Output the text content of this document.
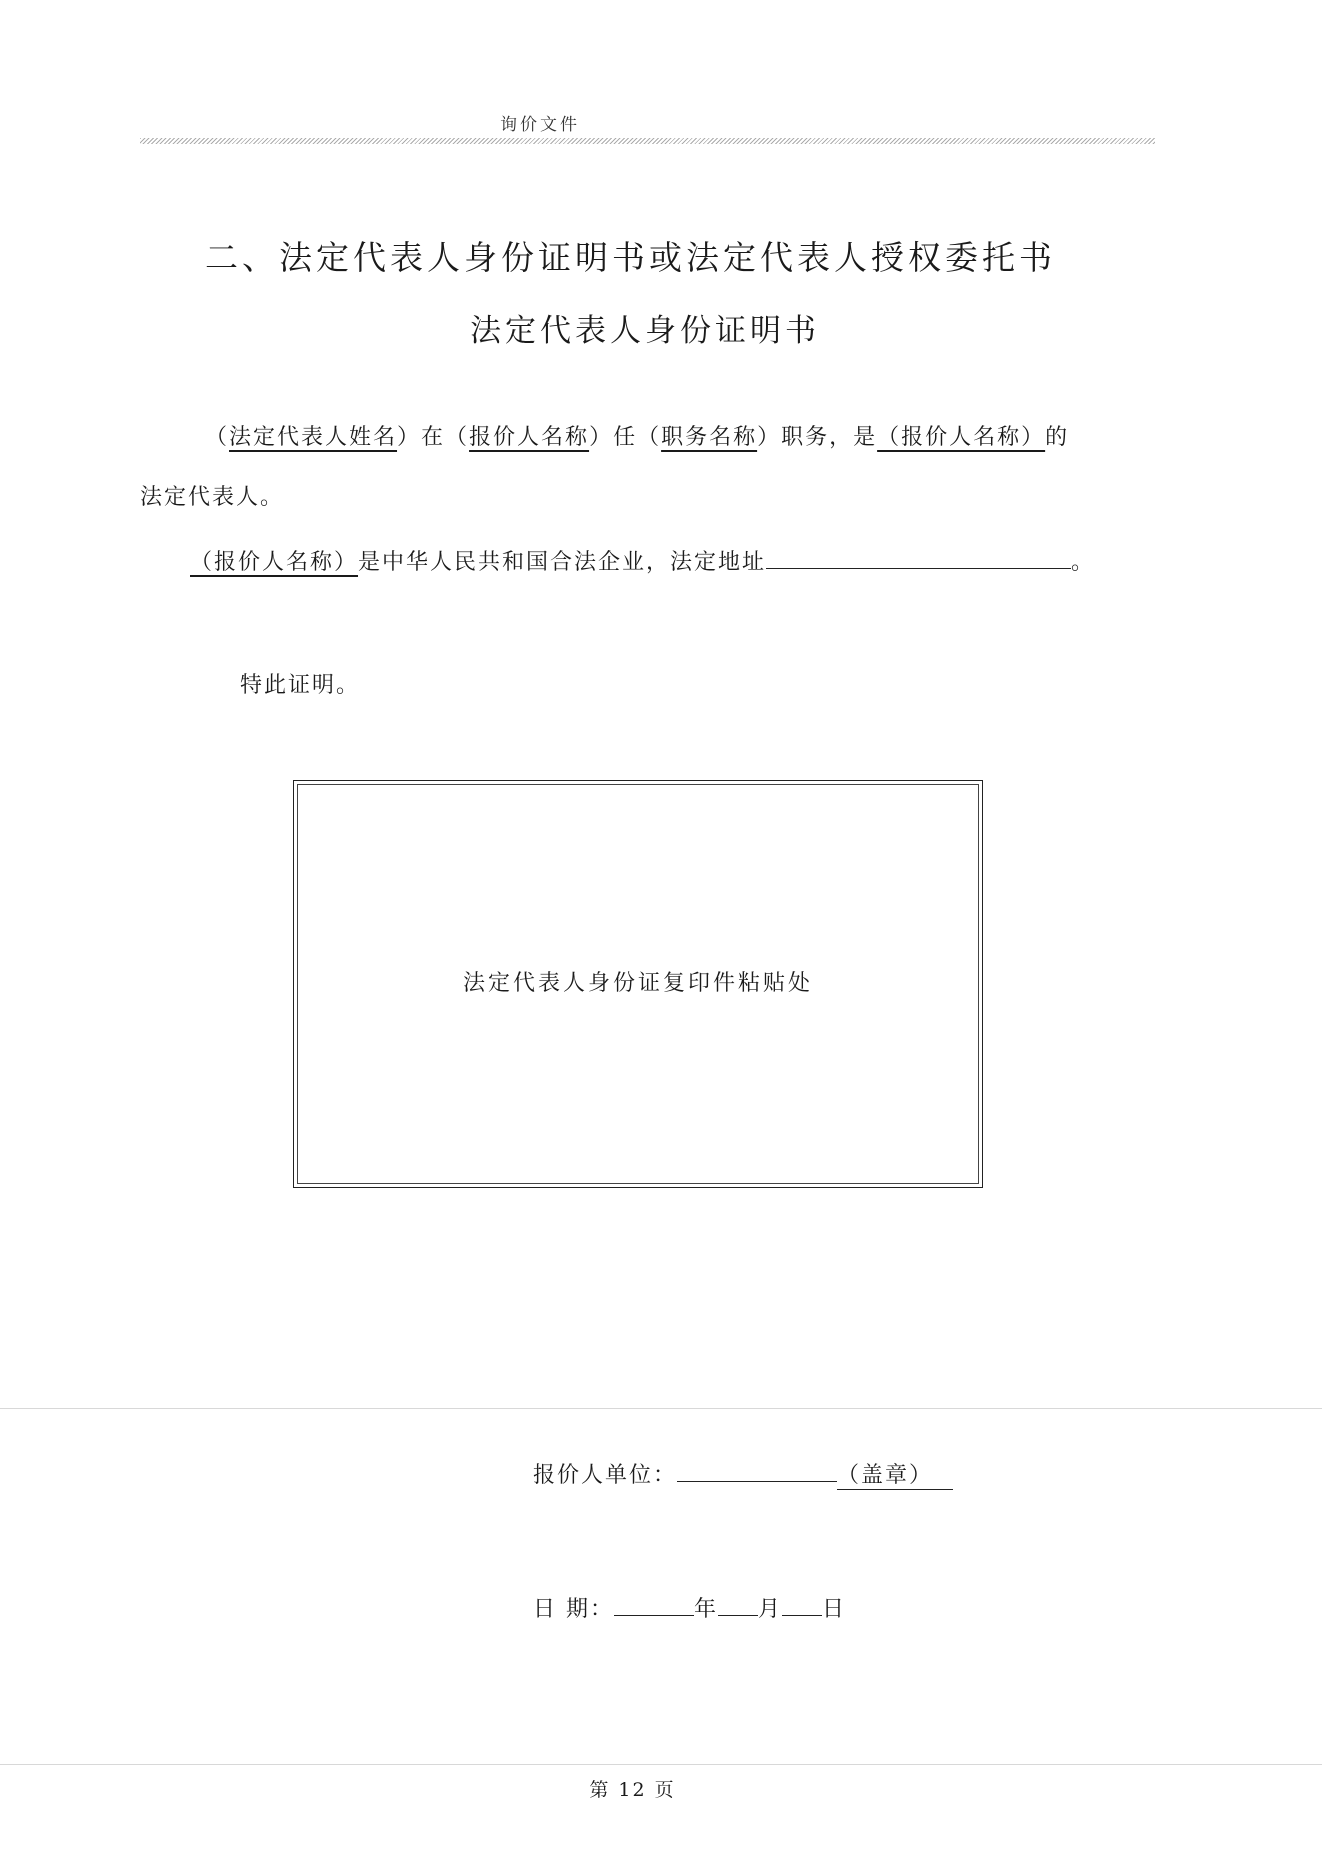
询价文件
二、法定代表人身份证明书或法定代表人授权委托书
法定代表人身份证明书
（法定代表人姓名）在（报价人名称）任（职务名称）职务，是（报价人名称）的
法定代表人。
（报价人名称）是中华人民共和国合法企业，法定地址	。
特此证明。
法定代表人身份证复印件粘贴处
报价人单位：	（盖章）
日 期：	年 月 日
第 12 页
